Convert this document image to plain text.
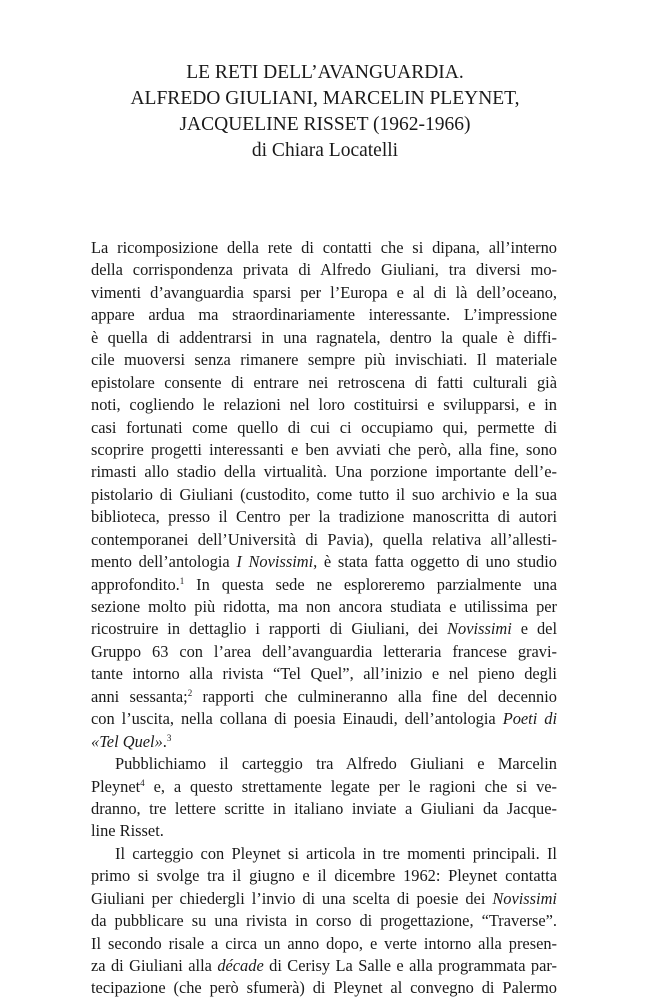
LE RETI DELL’AVANGUARDIA.
ALFREDO GIULIANI, MARCELIN PLEYNET,
JACQUELINE RISSET (1962-1966)
di Chiara Locatelli
La ricomposizione della rete di contatti che si dipana, all’interno
della corrispondenza privata di Alfredo Giuliani, tra diversi mo-
vimenti d’avanguardia sparsi per l’Europa e al di là dell’oceano,
appare ardua ma straordinariamente interessante. L’impressione
è quella di addentrarsi in una ragnatela, dentro la quale è diffi-
cile muoversi senza rimanere sempre più invischiati. Il materiale
epistolare consente di entrare nei retroscena di fatti culturali già
noti, cogliendo le relazioni nel loro costituirsi e svilupparsi, e in
casi fortunati come quello di cui ci occupiamo qui, permette di
scoprire progetti interessanti e ben avviati che però, alla fine, sono
rimasti allo stadio della virtualità. Una porzione importante dell’e-
pistolario di Giuliani (custodito, come tutto il suo archivio e la sua
biblioteca, presso il Centro per la tradizione manoscritta di autori
contemporanei dell’Università di Pavia), quella relativa all’allesti-
mento dell’antologia I Novissimi, è stata fatta oggetto di uno studio
approfondito.$^1$ In questa sede ne esploreremo parzialmente una
sezione molto più ridotta, ma non ancora studiata e utilissima per
ricostruire in dettaglio i rapporti di Giuliani, dei Novissimi e del
Gruppo 63 con l’area dell’avanguardia letteraria francese gravi-
tante intorno alla rivista “Tel Quel”, all’inizio e nel pieno degli
anni sessanta;$^2$ rapporti che culmineranno alla fine del decennio
con l’uscita, nella collana di poesia Einaudi, dell’antologia Poeti di
«Tel Quel».$^3$
Pubblichiamo il carteggio tra Alfredo Giuliani e Marcelin
Pleynet$^4$ e, a questo strettamente legate per le ragioni che si ve-
dranno, tre lettere scritte in italiano inviate a Giuliani da Jacque-
line Risset.
Il carteggio con Pleynet si articola in tre momenti principali. Il
primo si svolge tra il giugno e il dicembre 1962: Pleynet contatta
Giuliani per chiedergli l’invio di una scelta di poesie dei Novissimi
da pubblicare su una rivista in corso di progettazione, “Traverse”.
Il secondo risale a circa un anno dopo, e verte intorno alla presen-
za di Giuliani alla décade di Cerisy La Salle e alla programmata par-
tecipazione (che però sfumerà) di Pleynet al convegno di Palermo
